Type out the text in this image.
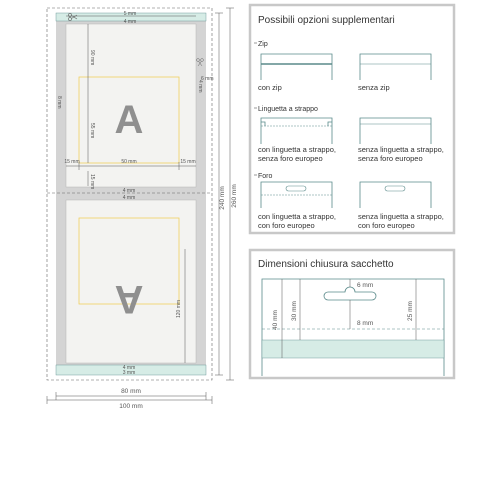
A
A
5 mm
4 mm
90 mm
55 mm
8 mm
6 mm
4 mm
15 mm	50 mm	15 mm
15 mm
4 mm
4 mm
120 mm
4 mm
3 mm
80 mm
100 mm
240 mm 260 mm
Possibili opzioni supplementari
Zip
con zip	senza zip
Linguetta a strappo
con linguetta a strappo,
senza foro europeo
senza linguetta a strappo,
senza foro europeo
Foro
con linguetta a strappo,
con foro europeo
senza linguetta a strappo,
con foro europeo
Dimensioni chiusura sacchetto
40 mm 30 mm
6 mm
8 mm
25 mm
